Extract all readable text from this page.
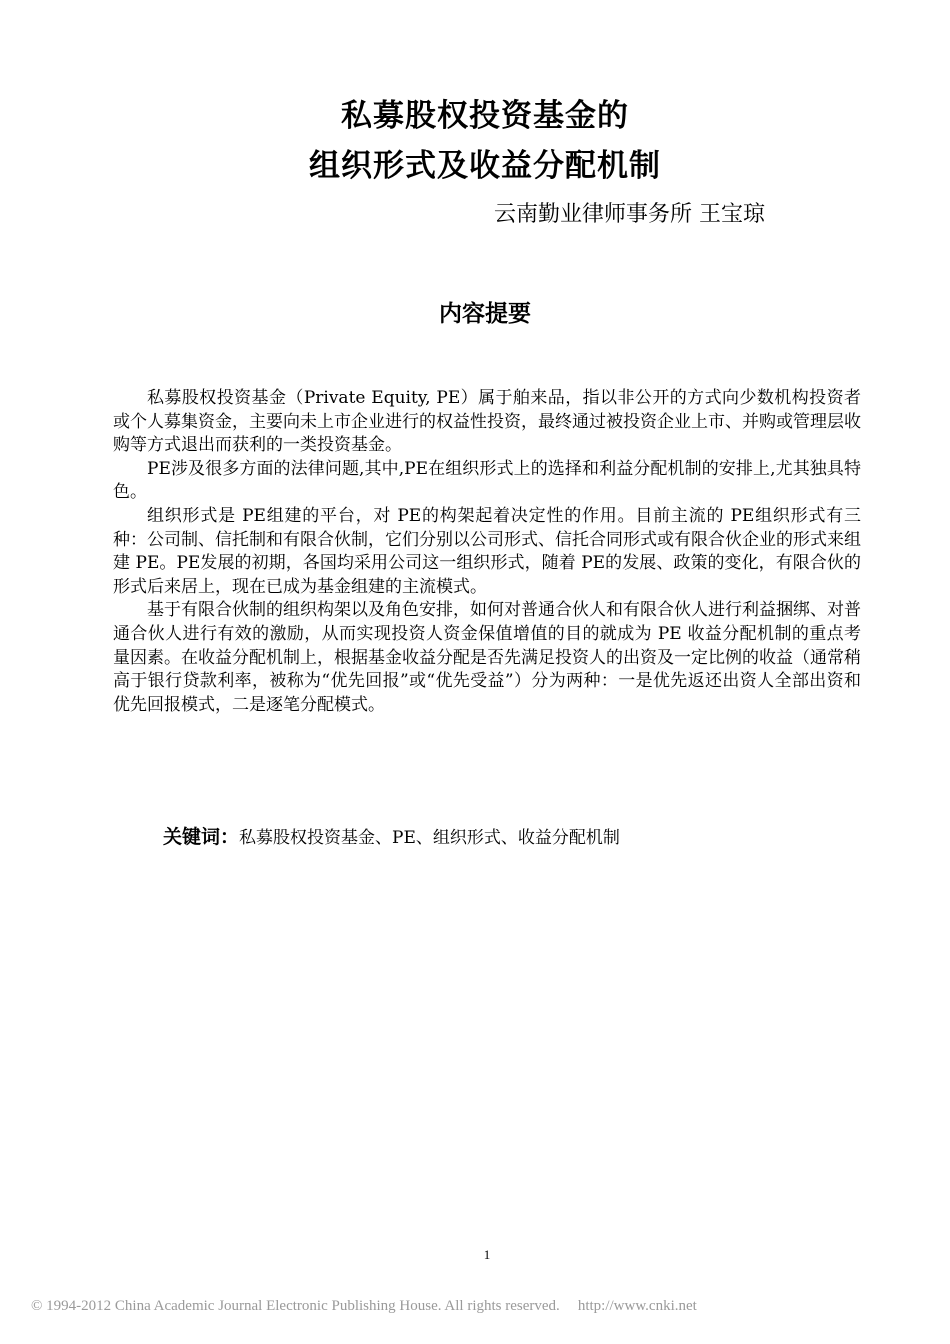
私募股权投资基金的
组织形式及收益分配机制
云南勤业律师事务所 王宝琼
内容提要

私募股权投资基金（Private Equity, PE）属于舶来品，指以非公开的方式向少数机构投资者或个人募集资金，主要向未上市企业进行的权益性投资，最终通过被投资企业上市、并购或管理层收购等方式退出而获利的一类投资基金。

PE涉及很多方面的法律问题,其中,PE在组织形式上的选择和利益分配机制的安排上,尤其独具特色。

组织形式是 PE组建的平台，对 PE的构架起着决定性的作用。目前主流的 PE组织形式有三种：公司制、信托制和有限合伙制，它们分别以公司形式、信托合同形式或有限合伙企业的形式来组建 PE。PE发展的初期，各国均采用公司这一组织形式，随着 PE的发展、政策的变化，有限合伙的形式后来居上，现在已成为基金组建的主流模式。

基于有限合伙制的组织构架以及角色安排，如何对普通合伙人和有限合伙人进行利益捆绑、对普通合伙人进行有效的激励，从而实现投资人资金保值增值的目的就成为 PE 收益分配机制的重点考量因素。在收益分配机制上，根据基金收益分配是否先满足投资人的出资及一定比例的收益（通常稍高于银行贷款利率，被称为“优先回报”或“优先受益”）分为两种：一是优先返还出资人全部出资和优先回报模式，二是逐笔分配模式。

关键词：私募股权投资基金、PE、组织形式、收益分配机制
1
© 1994-2012 China Academic Journal Electronic Publishing House. All rights reserved. http://www.cnki.net
